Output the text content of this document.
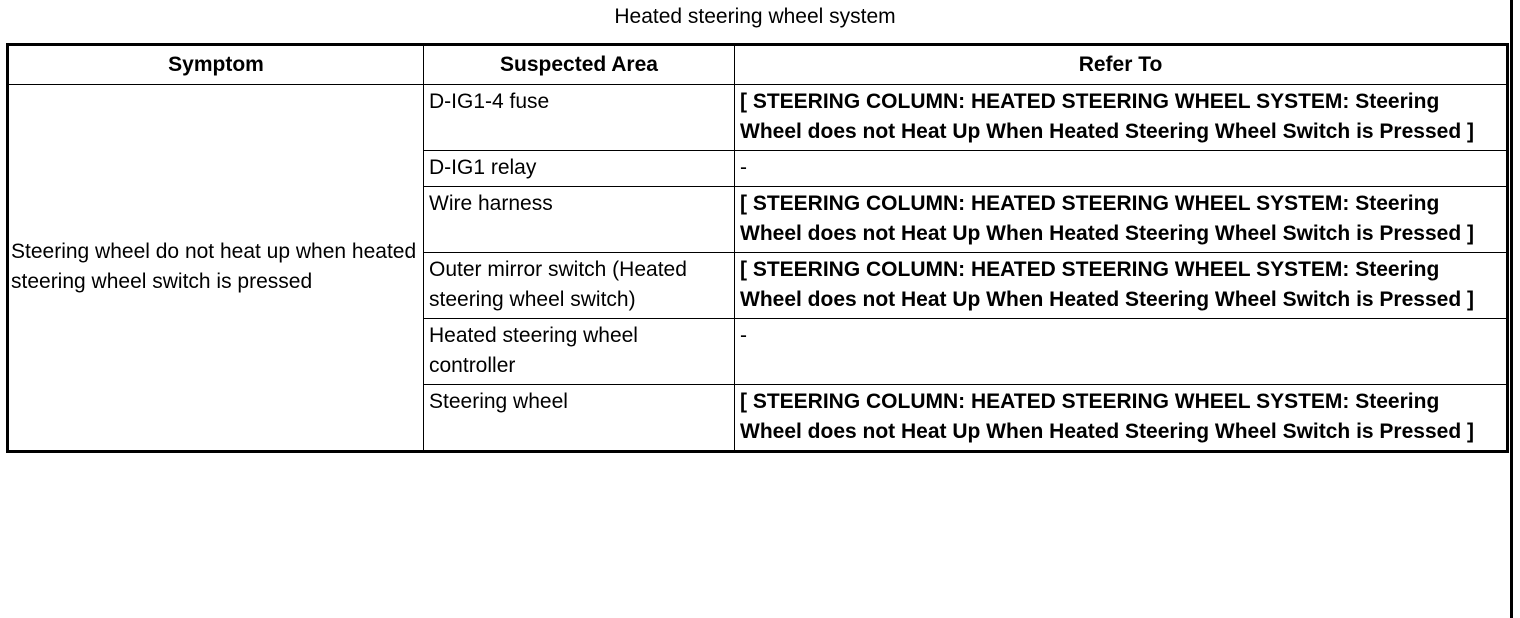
Heated steering wheel system
Symptom	Suspected Area	Refer To
Steering wheel do not heat up when heated steering wheel switch is pressed	D-IG1-4 fuse	[ STEERING COLUMN: HEATED STEERING WHEEL SYSTEM: Steering Wheel does not Heat Up When Heated Steering Wheel Switch is Pressed ]
	D-IG1 relay	-
	Wire harness	[ STEERING COLUMN: HEATED STEERING WHEEL SYSTEM: Steering Wheel does not Heat Up When Heated Steering Wheel Switch is Pressed ]
	Outer mirror switch (Heated steering wheel switch)	[ STEERING COLUMN: HEATED STEERING WHEEL SYSTEM: Steering Wheel does not Heat Up When Heated Steering Wheel Switch is Pressed ]
	Heated steering wheel controller	-
	Steering wheel	[ STEERING COLUMN: HEATED STEERING WHEEL SYSTEM: Steering Wheel does not Heat Up When Heated Steering Wheel Switch is Pressed ]
